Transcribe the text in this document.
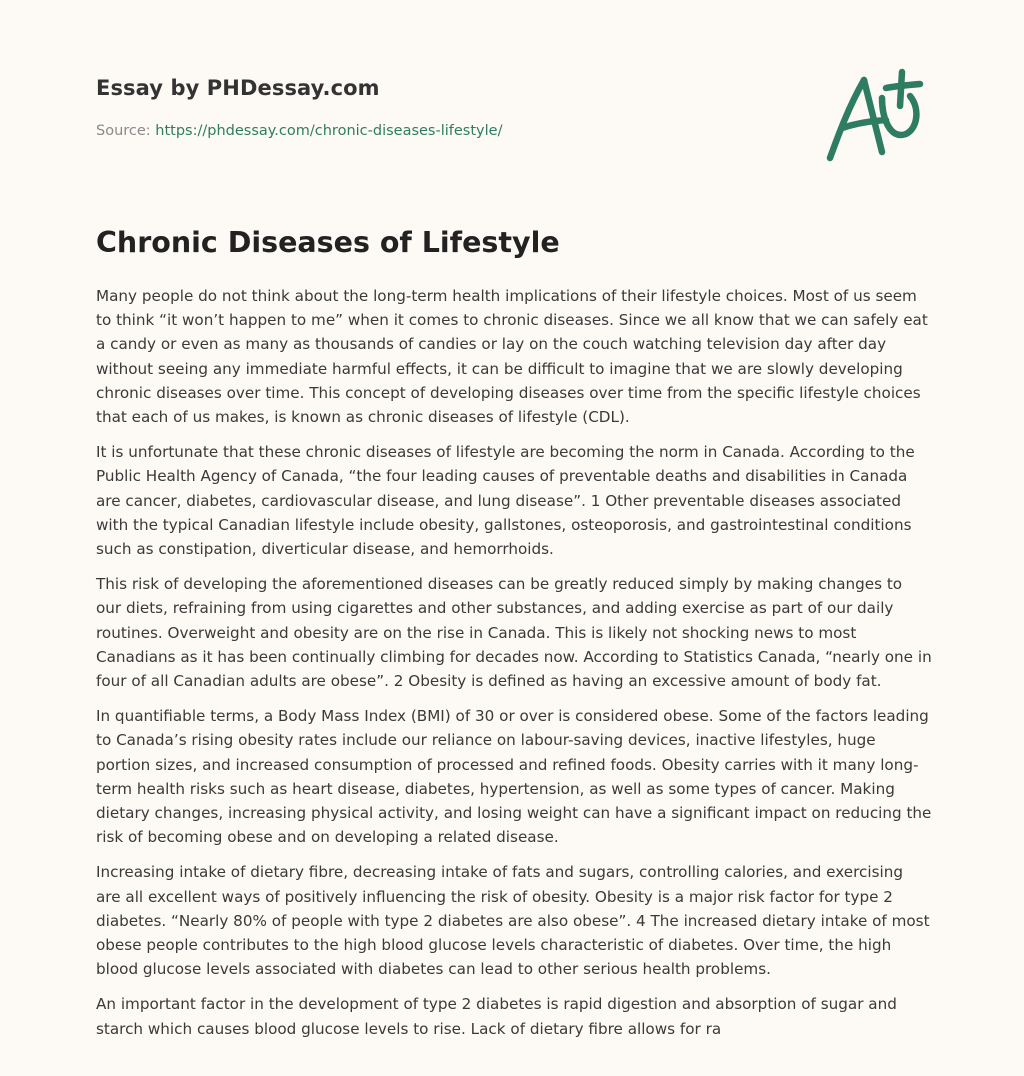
Essay by PHDessay.com

Source: https://phdessay.com/chronic-diseases-lifestyle/

Chronic Diseases of Lifestyle

Many people do not think about the long-term health implications of their lifestyle choices. Most of us seem to think “it won’t happen to me” when it comes to chronic diseases. Since we all know that we can safely eat a candy or even as many as thousands of candies or lay on the couch watching television day after day without seeing any immediate harmful effects, it can be difficult to imagine that we are slowly developing chronic diseases over time. This concept of developing diseases over time from the specific lifestyle choices that each of us makes, is known as chronic diseases of lifestyle (CDL).

It is unfortunate that these chronic diseases of lifestyle are becoming the norm in Canada. According to the Public Health Agency of Canada, “the four leading causes of preventable deaths and disabilities in Canada are cancer, diabetes, cardiovascular disease, and lung disease”. 1 Other preventable diseases associated with the typical Canadian lifestyle include obesity, gallstones, osteoporosis, and gastrointestinal conditions such as constipation, diverticular disease, and hemorrhoids.

This risk of developing the aforementioned diseases can be greatly reduced simply by making changes to our diets, refraining from using cigarettes and other substances, and adding exercise as part of our daily routines. Overweight and obesity are on the rise in Canada. This is likely not shocking news to most Canadians as it has been continually climbing for decades now. According to Statistics Canada, “nearly one in four of all Canadian adults are obese”. 2 Obesity is defined as having an excessive amount of body fat.

In quantifiable terms, a Body Mass Index (BMI) of 30 or over is considered obese. Some of the factors leading to Canada’s rising obesity rates include our reliance on labour-saving devices, inactive lifestyles, huge portion sizes, and increased consumption of processed and refined foods. Obesity carries with it many long-term health risks such as heart disease, diabetes, hypertension, as well as some types of cancer. Making dietary changes, increasing physical activity, and losing weight can have a significant impact on reducing the risk of becoming obese and on developing a related disease.

Increasing intake of dietary fibre, decreasing intake of fats and sugars, controlling calories, and exercising are all excellent ways of positively influencing the risk of obesity. Obesity is a major risk factor for type 2 diabetes. “Nearly 80% of people with type 2 diabetes are also obese”. 4 The increased dietary intake of most obese people contributes to the high blood glucose levels characteristic of diabetes. Over time, the high blood glucose levels associated with diabetes can lead to other serious health problems.

An important factor in the development of type 2 diabetes is rapid digestion and absorption of sugar and starch which causes blood glucose levels to rise. Lack of dietary fibre allows for ra
